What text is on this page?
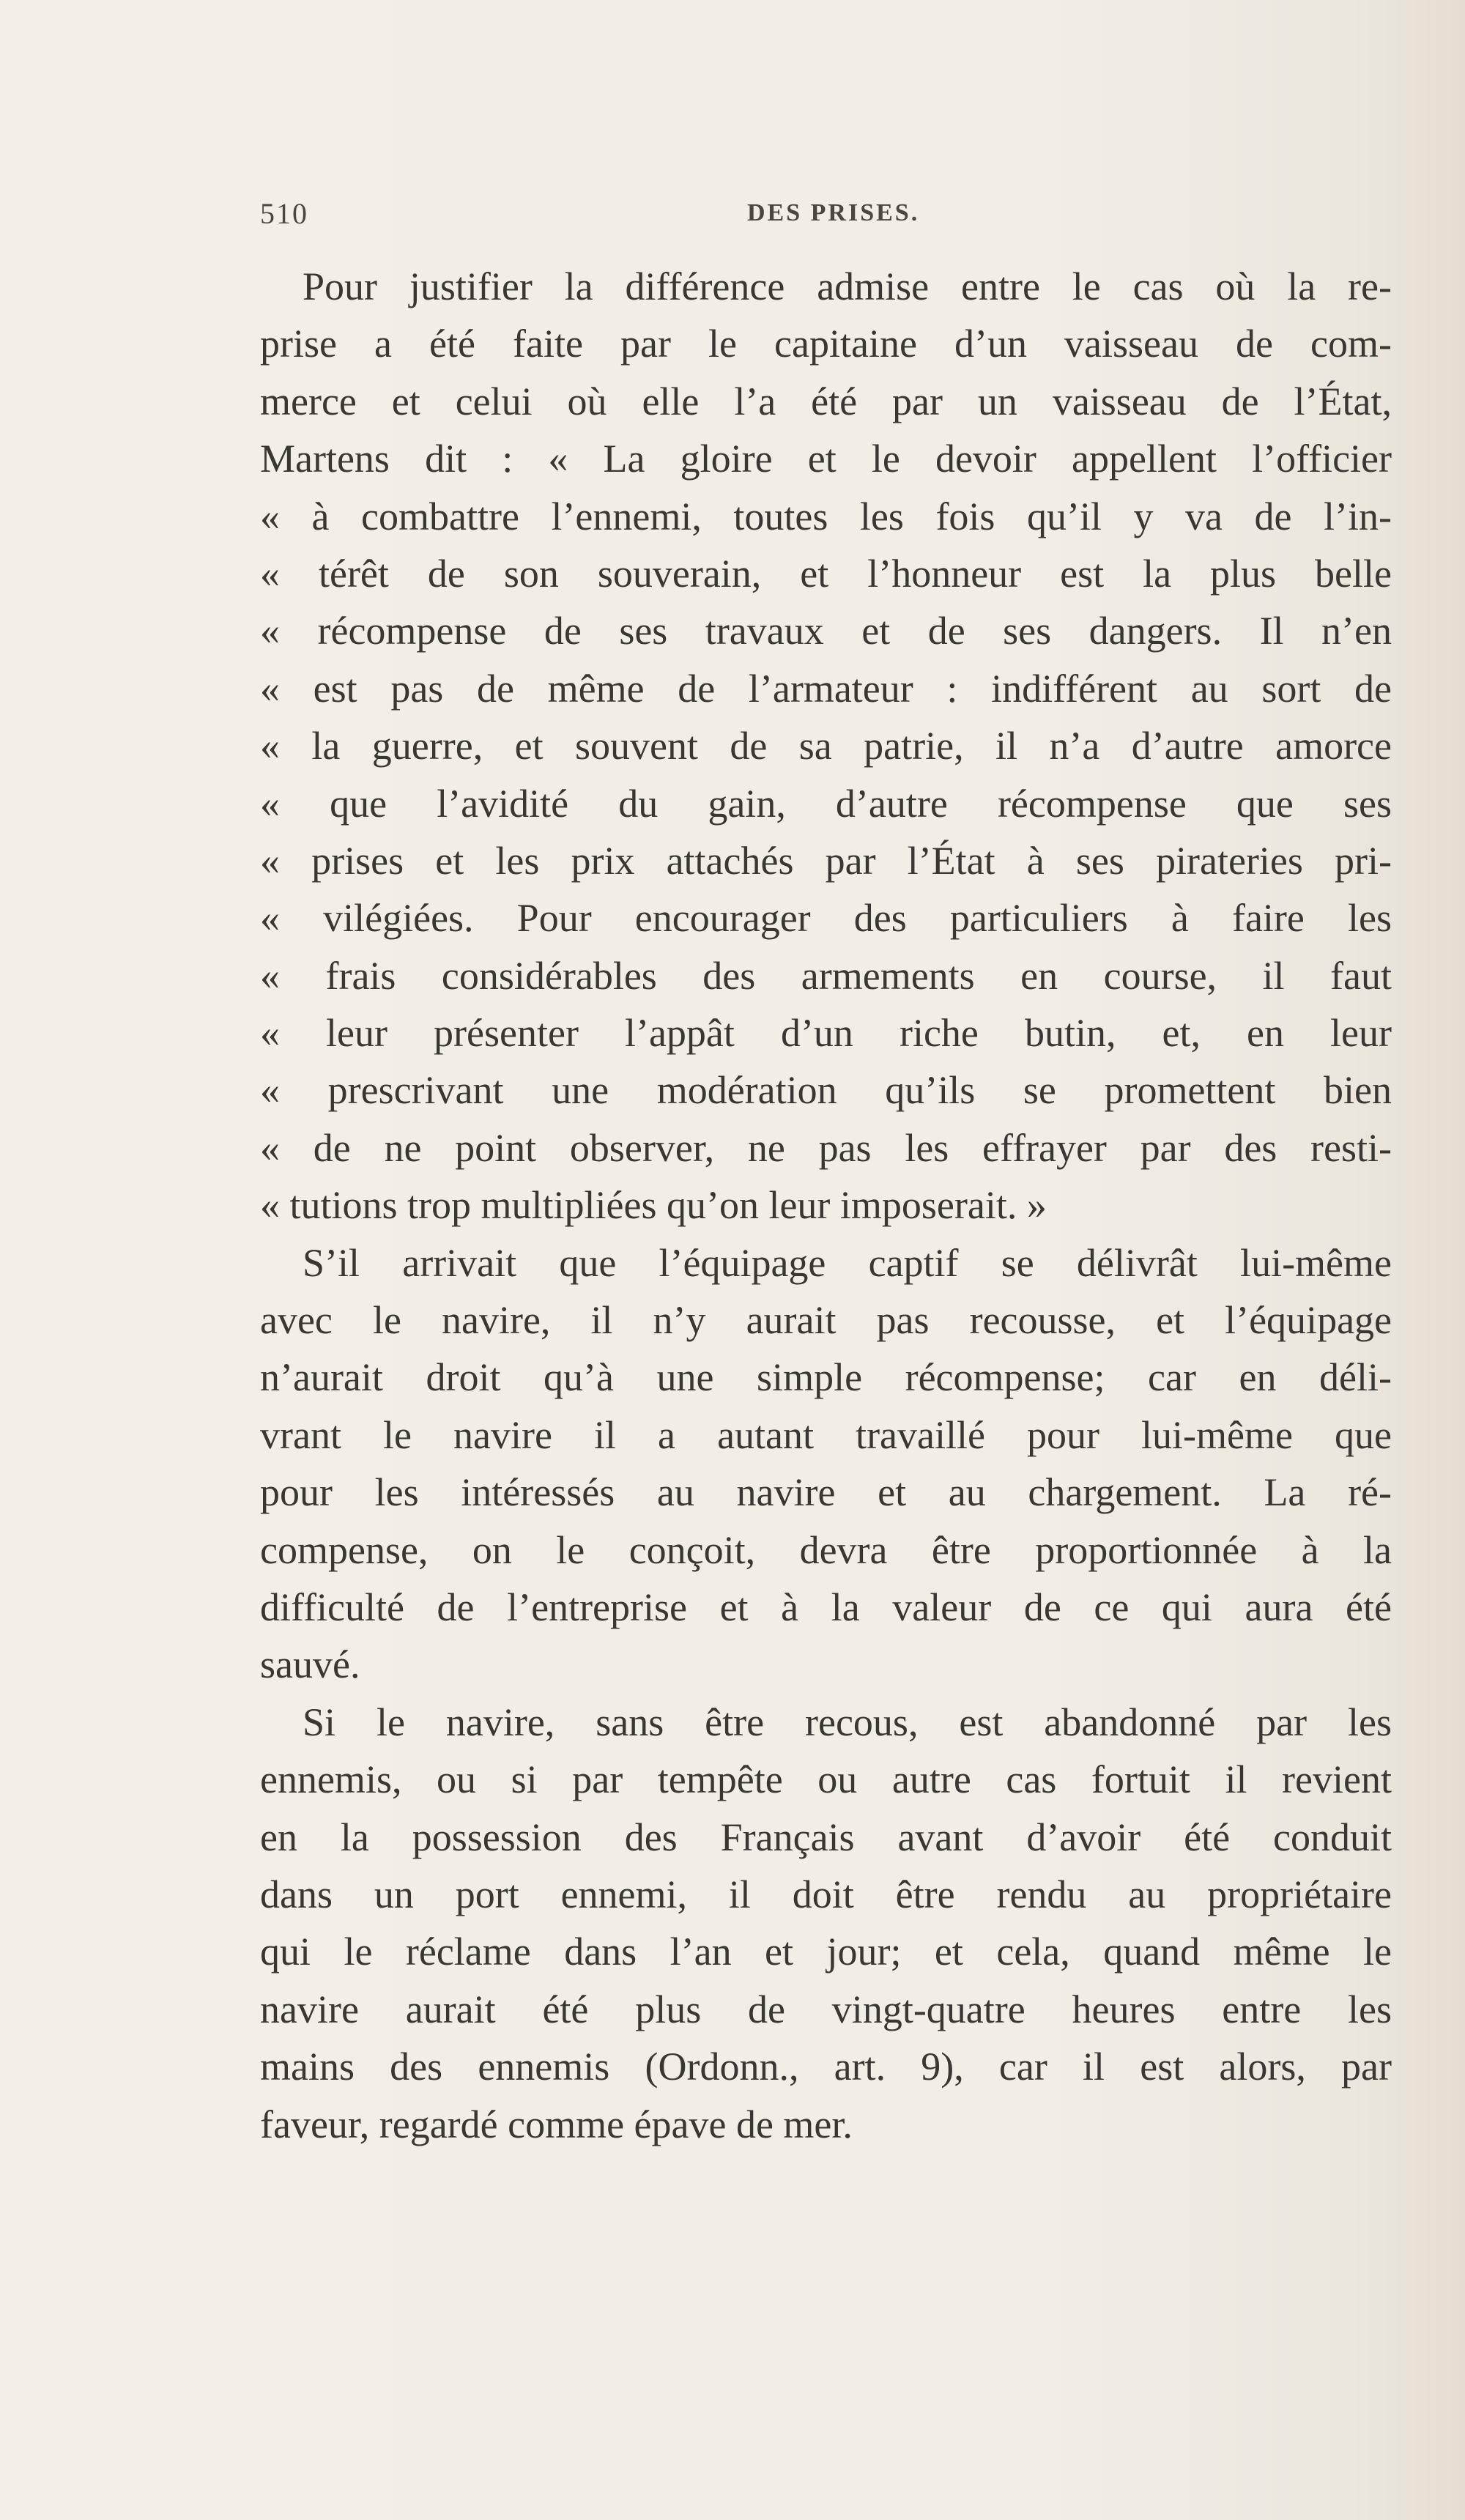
510	DES PRISES.
Pour justifier la différence admise entre le cas où la re-
prise a été faite par le capitaine d’un vaisseau de com-
merce et celui où elle l’a été par un vaisseau de l’État,
Martens dit : « La gloire et le devoir appellent l’officier
« à combattre l’ennemi, toutes les fois qu’il y va de l’in-
« térêt de son souverain, et l’honneur est la plus belle
« récompense de ses travaux et de ses dangers. Il n’en
« est pas de même de l’armateur : indifférent au sort de
« la guerre, et souvent de sa patrie, il n’a d’autre amorce
« que l’avidité du gain, d’autre récompense que ses
« prises et les prix attachés par l’État à ses pirateries pri-
« vilégiées. Pour encourager des particuliers à faire les
« frais considérables des armements en course, il faut
« leur présenter l’appât d’un riche butin, et, en leur
« prescrivant une modération qu’ils se promettent bien
« de ne point observer, ne pas les effrayer par des resti-
« tutions trop multipliées qu’on leur imposerait. »
S’il arrivait que l’équipage captif se délivrât lui-même
avec le navire, il n’y aurait pas recousse, et l’équipage
n’aurait droit qu’à une simple récompense; car en déli-
vrant le navire il a autant travaillé pour lui-même que
pour les intéressés au navire et au chargement. La ré-
compense, on le conçoit, devra être proportionnée à la
difficulté de l’entreprise et à la valeur de ce qui aura été
sauvé.
Si le navire, sans être recous, est abandonné par les
ennemis, ou si par tempête ou autre cas fortuit il revient
en la possession des Français avant d’avoir été conduit
dans un port ennemi, il doit être rendu au propriétaire
qui le réclame dans l’an et jour; et cela, quand même le
navire aurait été plus de vingt-quatre heures entre les
mains des ennemis (Ordonn., art. 9), car il est alors, par
faveur, regardé comme épave de mer.
